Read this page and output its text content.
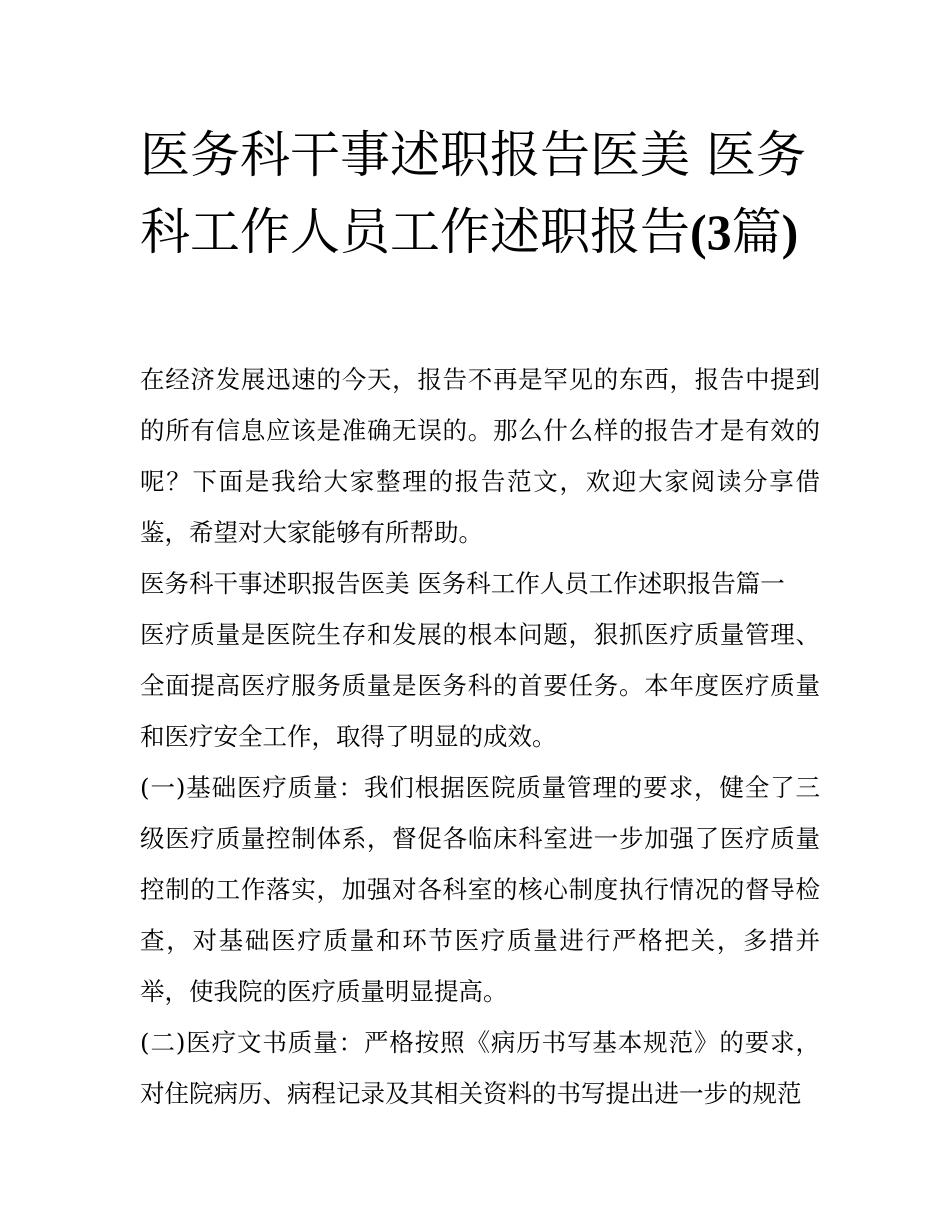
医务科干事述职报告医美 医务科工作人员工作述职报告(3篇)

在经济发展迅速的今天，报告不再是罕见的东西，报告中提到的所有信息应该是准确无误的。那么什么样的报告才是有效的呢？下面是我给大家整理的报告范文，欢迎大家阅读分享借鉴，希望对大家能够有所帮助。

医务科干事述职报告医美 医务科工作人员工作述职报告篇一

医疗质量是医院生存和发展的根本问题，狠抓医疗质量管理、全面提高医疗服务质量是医务科的首要任务。本年度医疗质量和医疗安全工作，取得了明显的成效。

(一)基础医疗质量：我们根据医院质量管理的要求，健全了三级医疗质量控制体系，督促各临床科室进一步加强了医疗质量控制的工作落实，加强对各科室的核心制度执行情况的督导检查，对基础医疗质量和环节医疗质量进行严格把关，多措并举，使我院的医疗质量明显提高。

(二)医疗文书质量：严格按照《病历书写基本规范》的要求，对住院病历、病程记录及其相关资料的书写提出进一步的规范
